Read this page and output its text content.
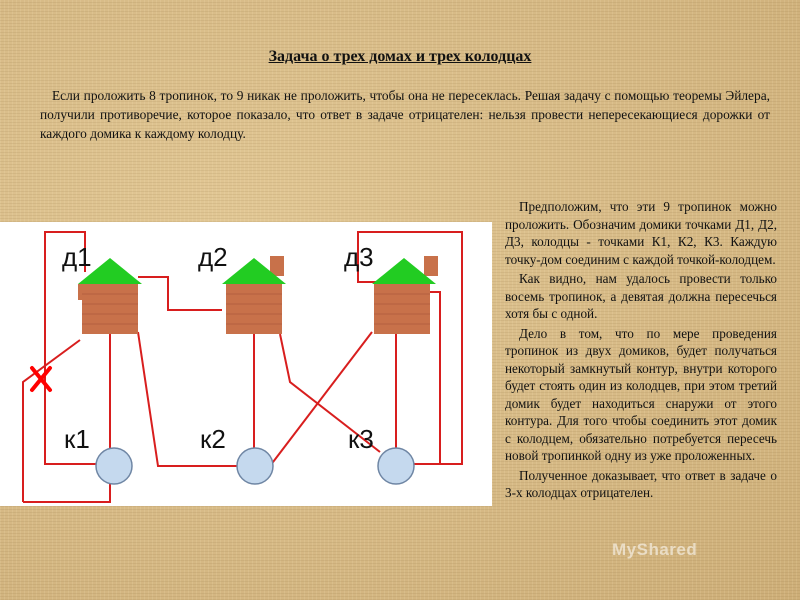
Задача о трех домах и трех колодцах

Если проложить 8 тропинок, то 9 никак не проложить, чтобы она не пересеклась. Решая задачу с помощью теоремы Эйлера, получили противоречие, которое показало, что ответ в задаче отрицателен: нельзя провести непересекающиеся дорожки от каждого домика к каждому колодцу.

д1	д2	д3
к1	к2	к3

Предположим, что эти 9 тропинок можно проложить. Обозначим домики точками Д1, Д2, Д3, колодцы - точками К1, К2, К3. Каждую точку-дом соединим с каждой точкой-колодцем.

Как видно, нам удалось провести только восемь тропинок, а девятая должна пересечься хотя бы с одной.

Дело в том, что по мере проведения тропинок из двух домиков, будет получаться некоторый замкнутый контур, внутри которого будет стоять один из колодцев, при этом третий домик будет находиться снаружи от этого контура. Для того чтобы соединить этот домик с колодцем, обязательно потребуется пересечь новой тропинкой одну из уже проложенных.

Полученное доказывает, что ответ в задаче о 3-х колодцах отрицателен.

MyShared
